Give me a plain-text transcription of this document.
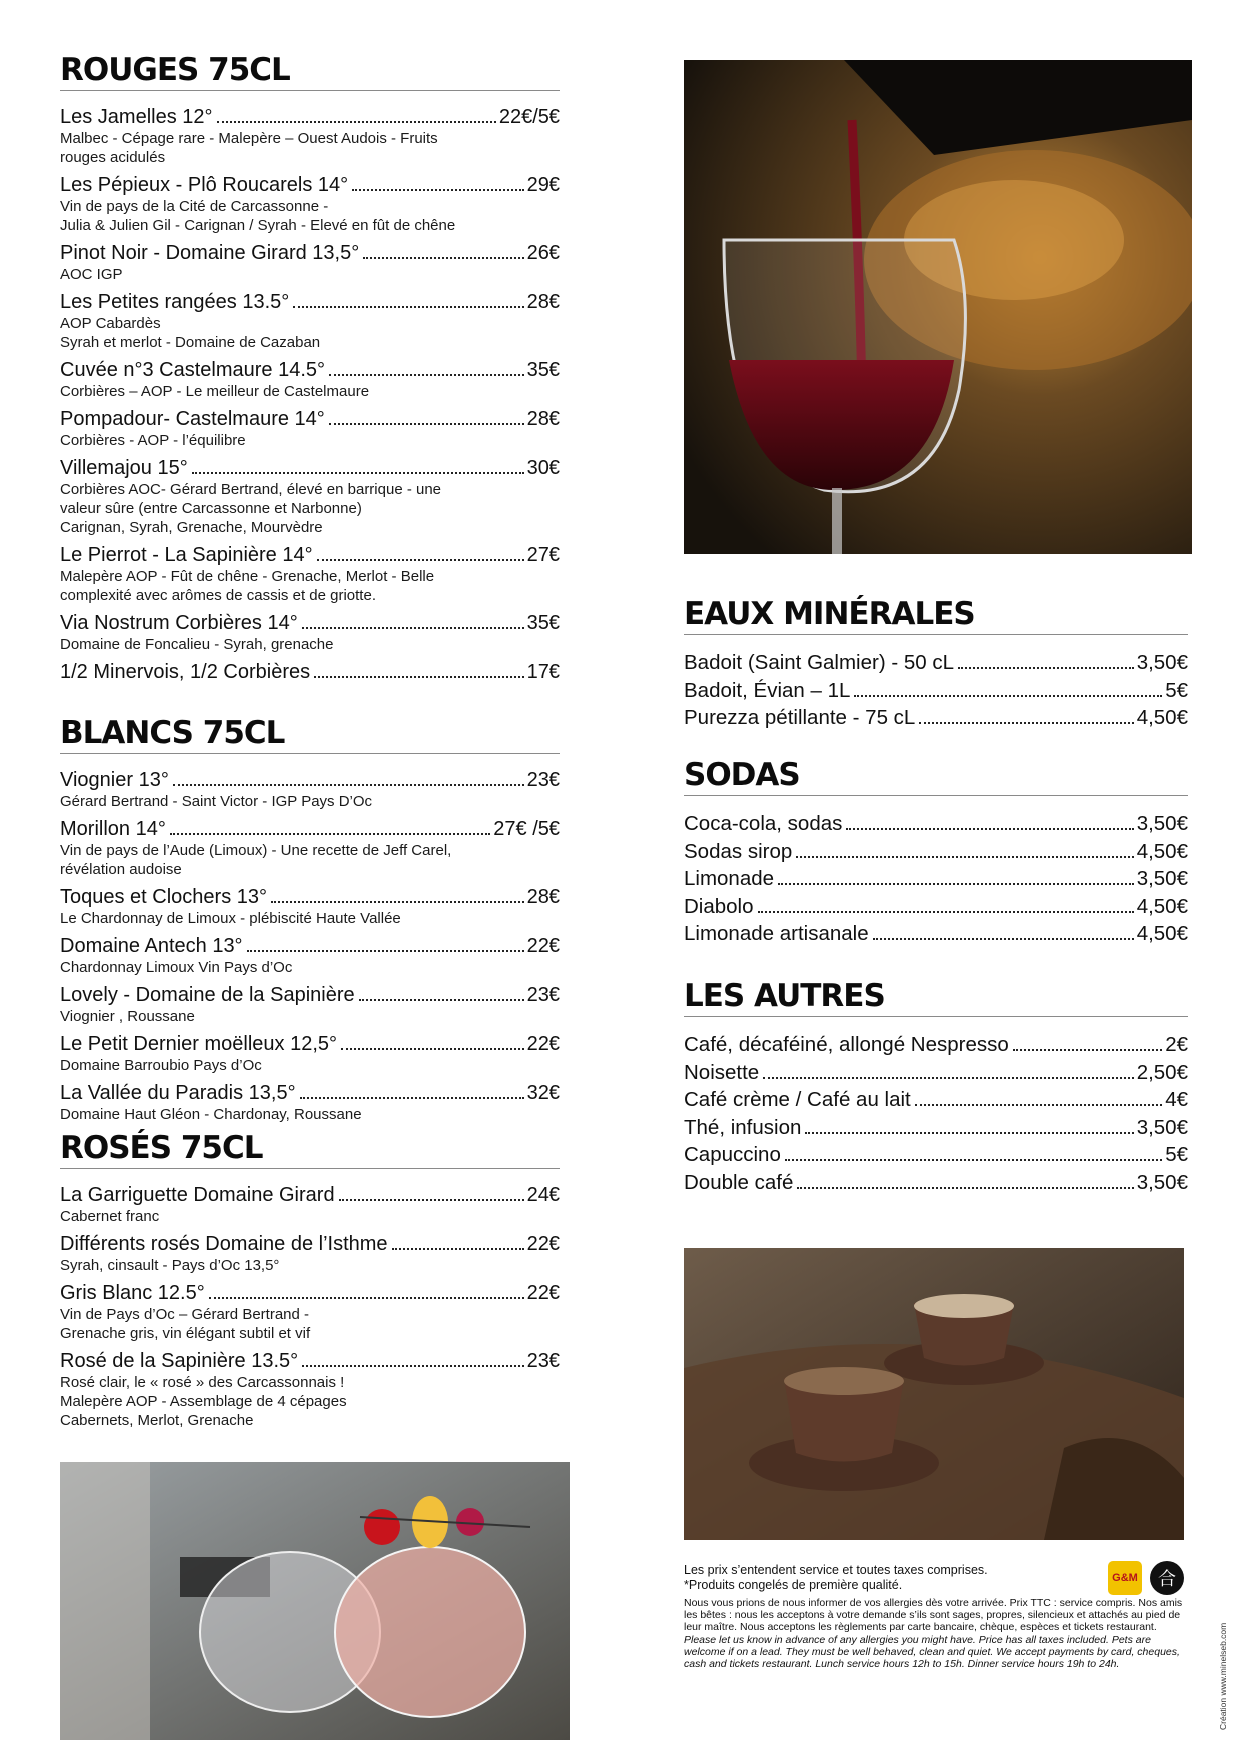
ROUGES 75CL
Les Jamelles 12°	22€/5€
Malbec - Cépage rare - Malepère – Ouest Audois - Fruits
rouges acidulés
Les Pépieux - Plô Roucarels 14°	29€
Vin de pays de la Cité de Carcassonne -
Julia & Julien Gil - Carignan / Syrah - Elevé en fût de chêne
Pinot Noir - Domaine Girard 13,5°	26€
AOC IGP
Les Petites rangées 13.5°	28€
AOP Cabardès
Syrah et merlot - Domaine de Cazaban
Cuvée n°3 Castelmaure 14.5°	35€
Corbières – AOP - Le meilleur de Castelmaure
Pompadour- Castelmaure 14°	28€
Corbières - AOP - l’équilibre
Villemajou 15°	30€
Corbières AOC- Gérard Bertrand, élevé en barrique - une
valeur sûre (entre Carcassonne et Narbonne)
Carignan, Syrah, Grenache, Mourvèdre
Le Pierrot - La Sapinière 14°	27€
Malepère AOP - Fût de chêne - Grenache, Merlot - Belle
complexité avec arômes de cassis et de griotte.
Via Nostrum Corbières 14°	35€
Domaine de Foncalieu - Syrah, grenache
1/2 Minervois, 1/2 Corbières	17€
BLANCS 75CL
Viognier 13°	23€
Gérard Bertrand - Saint Victor - IGP Pays D’Oc
Morillon 14°	27€ /5€
Vin de pays de l’Aude (Limoux) - Une recette de Jeff Carel,
révélation audoise
Toques et Clochers 13°	28€
Le Chardonnay de Limoux - plébiscité Haute Vallée
Domaine Antech 13°	22€
Chardonnay Limoux Vin Pays d’Oc
Lovely - Domaine de la Sapinière	23€
Viognier , Roussane
Le Petit Dernier moëlleux 12,5°	22€
Domaine Barroubio Pays d’Oc
La Vallée du Paradis 13,5°	32€
Domaine Haut Gléon - Chardonay, Roussane
ROSÉS 75CL
La Garriguette Domaine Girard	24€
Cabernet franc
Différents rosés Domaine de l’Isthme	22€
Syrah, cinsault - Pays d’Oc 13,5°
Gris Blanc 12.5°	22€
Vin de Pays d’Oc – Gérard Bertrand -
Grenache gris, vin élégant subtil et vif
Rosé de la Sapinière 13.5°	23€
Rosé clair, le « rosé » des Carcassonnais !
Malepère AOP - Assemblage de 4 cépages
Cabernets, Merlot, Grenache
EAUX MINÉRALES
Badoit (Saint Galmier) - 50 cL	3,50€
Badoit, Évian – 1L	5€
Purezza pétillante - 75 cL	4,50€
SODAS
Coca-cola, sodas	3,50€
Sodas sirop	4,50€
Limonade	3,50€
Diabolo	4,50€
Limonade artisanale	4,50€
LES AUTRES
Café, décaféiné, allongé Nespresso	2€
Noisette	2,50€
Café crème / Café au lait	4€
Thé, infusion	3,50€
Capuccino	5€
Double café	3,50€
Les prix s’entendent service et toutes taxes comprises.
*Produits congelés de première qualité.
Nous vous prions de nous informer de vos allergies dès votre arrivée. Prix TTC : service compris. Nos amis les bêtes : nous les acceptons à votre demande s’ils sont sages, propres, silencieux et attachés au pied de leur maître. Nous acceptons les règlements par carte bancaire, chèque, espèces et tickets restaurant.
Please let us know in advance of any allergies you might have. Price has all taxes included. Pets are welcome if on a lead. They must be well behaved, clean and quiet. We accept payments by card, cheques, cash and tickets restaurant. Lunch service hours 12h to 15h. Dinner service hours 19h to 24h.
G&M	合
Création www.minelseb.com
